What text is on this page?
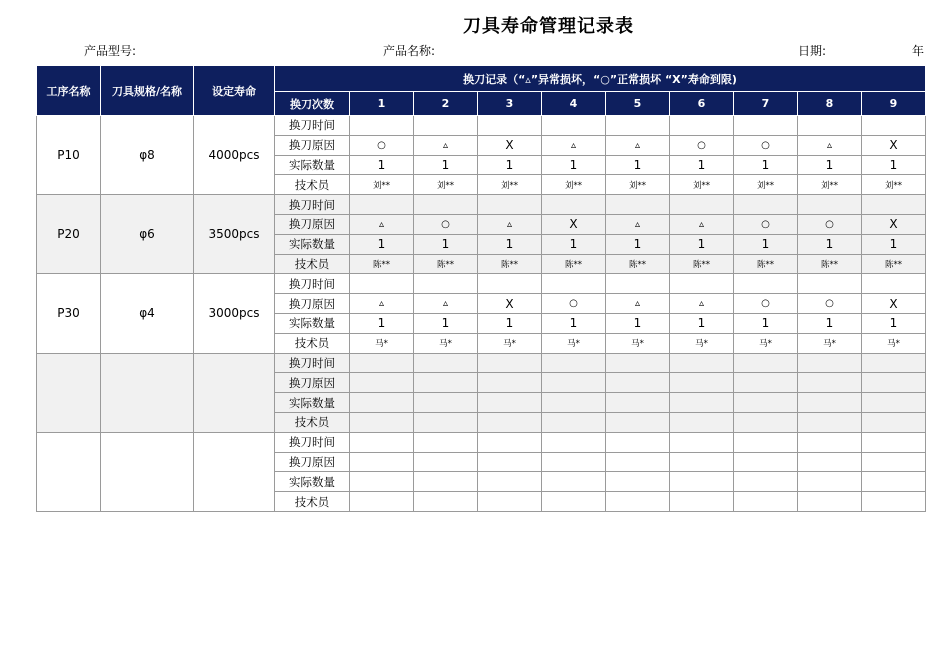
刀具寿命管理记录表
产品型号:	产品名称:	日期:	年
工序名称	刀具规格/名称	设定寿命	换刀记录（“▵”异常损坏，“○”正常损坏 “X”寿命到限)									
			换刀次数	1	2	3	4	5	6	7	8	9
P10	φ8	4000pcs	换刀时间									
			换刀原因	○	▵	X	▵	▵	○	○	▵	X
			实际数量	1	1	1	1	1	1	1	1	1
			技术员	刘**	刘**	刘**	刘**	刘**	刘**	刘**	刘**	刘**
P20	φ6	3500pcs	换刀时间									
			换刀原因	▵	○	▵	X	▵	▵	○	○	X
			实际数量	1	1	1	1	1	1	1	1	1
			技术员	陈**	陈**	陈**	陈**	陈**	陈**	陈**	陈**	陈**
P30	φ4	3000pcs	换刀时间									
			换刀原因	▵	▵	X	○	▵	▵	○	○	X
			实际数量	1	1	1	1	1	1	1	1	1
			技术员	马*	马*	马*	马*	马*	马*	马*	马*	马*
			换刀时间									
			换刀原因									
			实际数量									
			技术员									
			换刀时间									
			换刀原因									
			实际数量									
			技术员									
